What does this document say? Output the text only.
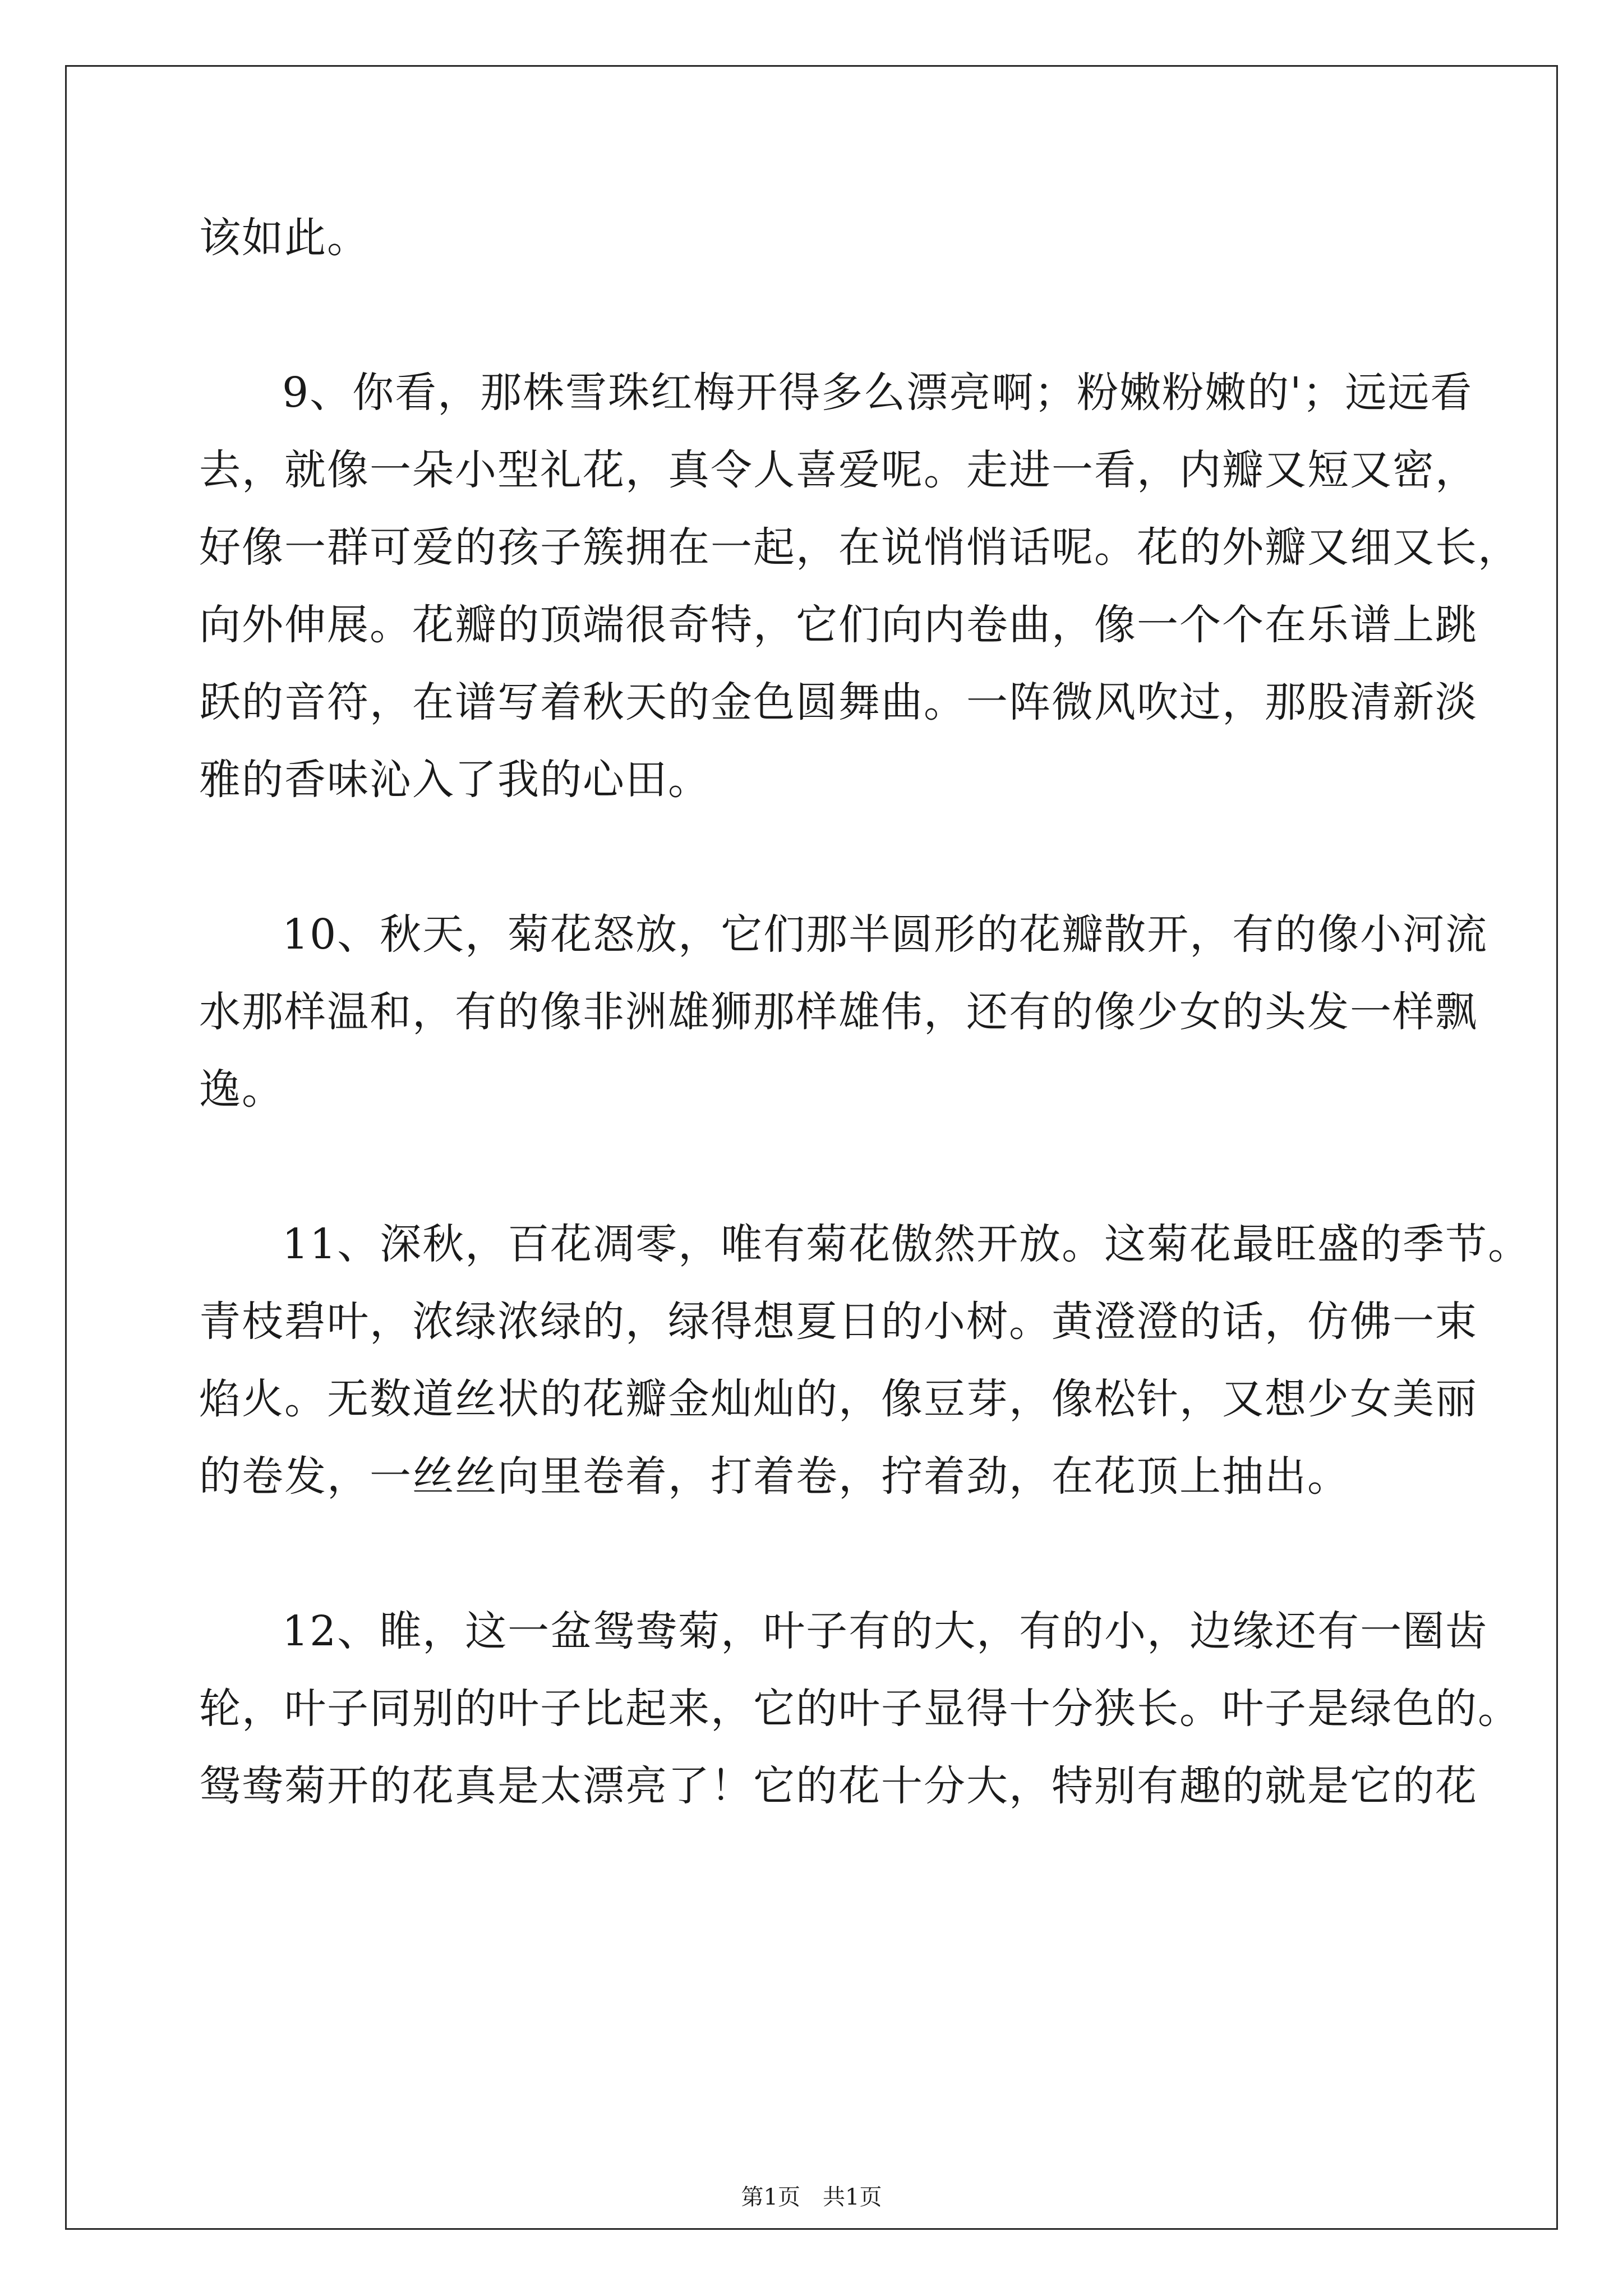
该如此。
9、你看，那株雪珠红梅开得多么漂亮啊；粉嫩粉嫩的'；远远看
去，就像一朵小型礼花，真令人喜爱呢。走进一看，内瓣又短又密，
好像一群可爱的孩子簇拥在一起，在说悄悄话呢。花的外瓣又细又长，
向外伸展。花瓣的顶端很奇特，它们向内卷曲，像一个个在乐谱上跳
跃的音符，在谱写着秋天的金色圆舞曲。一阵微风吹过，那股清新淡
雅的香味沁入了我的心田。
10、秋天，菊花怒放，它们那半圆形的花瓣散开，有的像小河流
水那样温和，有的像非洲雄狮那样雄伟，还有的像少女的头发一样飘
逸。
11、深秋，百花凋零，唯有菊花傲然开放。这菊花最旺盛的季节。
青枝碧叶，浓绿浓绿的，绿得想夏日的小树。黄澄澄的话，仿佛一束
焰火。无数道丝状的花瓣金灿灿的，像豆芽，像松针，又想少女美丽
的卷发，一丝丝向里卷着，打着卷，拧着劲，在花顶上抽出。
12、睢，这一盆鸳鸯菊，叶子有的大，有的小，边缘还有一圈齿
轮，叶子同别的叶子比起来，它的叶子显得十分狭长。叶子是绿色的。
鸳鸯菊开的花真是太漂亮了！它的花十分大，特别有趣的就是它的花
第1页 共1页
